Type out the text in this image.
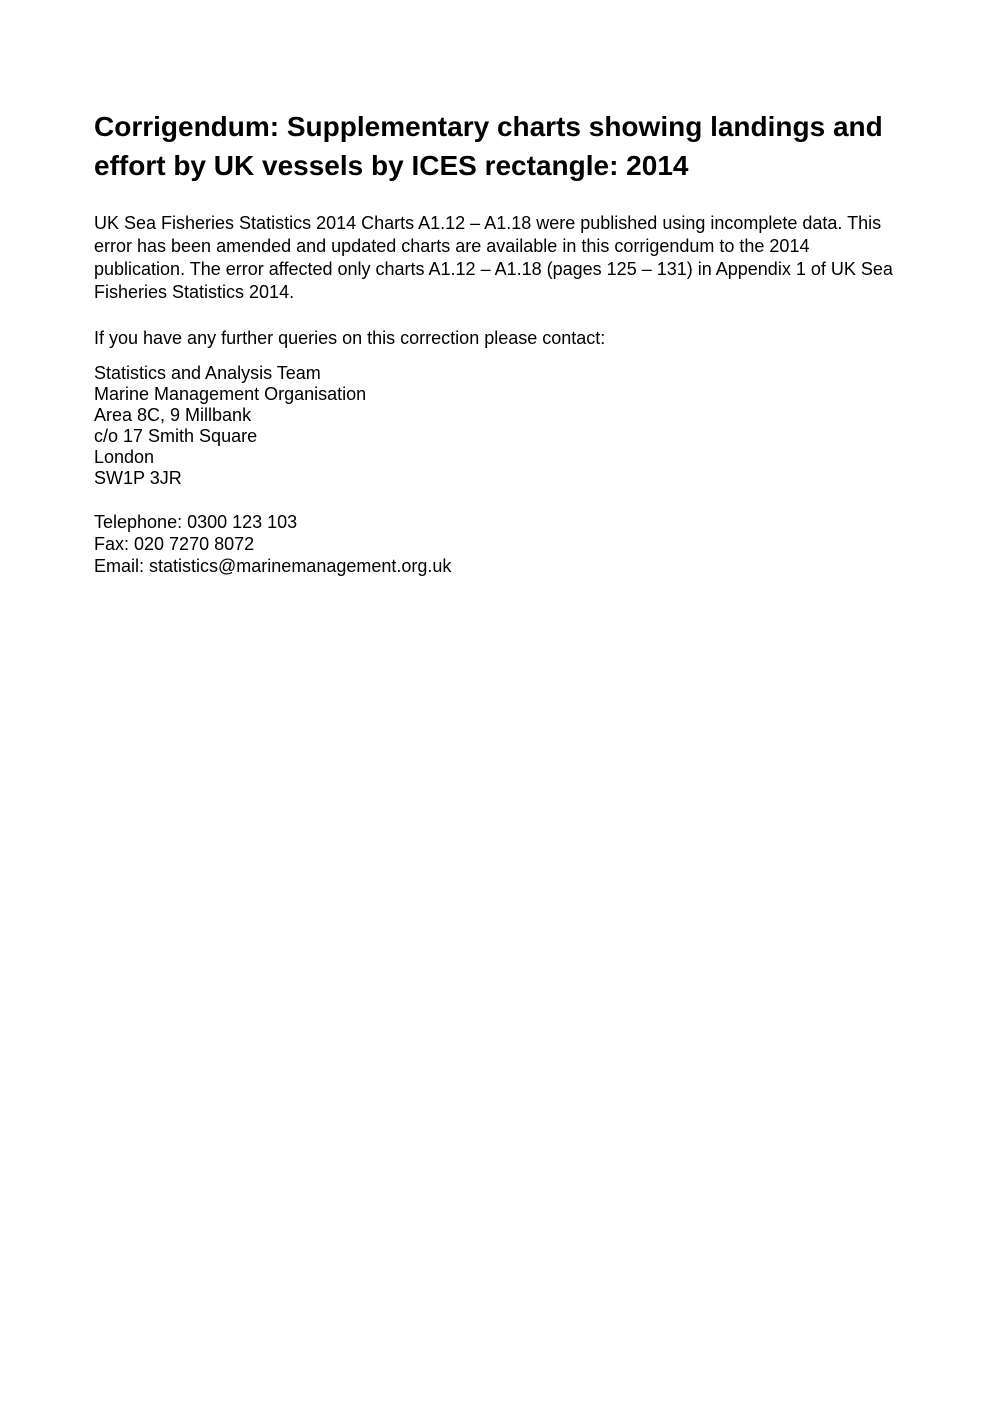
Corrigendum: Supplementary charts showing landings and effort by UK vessels by ICES rectangle: 2014

UK Sea Fisheries Statistics 2014 Charts A1.12 – A1.18 were published using incomplete data. This error has been amended and updated charts are available in this corrigendum to the 2014 publication. The error affected only charts A1.12 – A1.18 (pages 125 – 131) in Appendix 1 of UK Sea Fisheries Statistics 2014.

If you have any further queries on this correction please contact:

Statistics and Analysis Team
Marine Management Organisation
Area 8C, 9 Millbank
c/o 17 Smith Square
London
SW1P 3JR
Telephone: 0300 123 103
Fax: 020 7270 8072
Email: statistics@marinemanagement.org.uk
